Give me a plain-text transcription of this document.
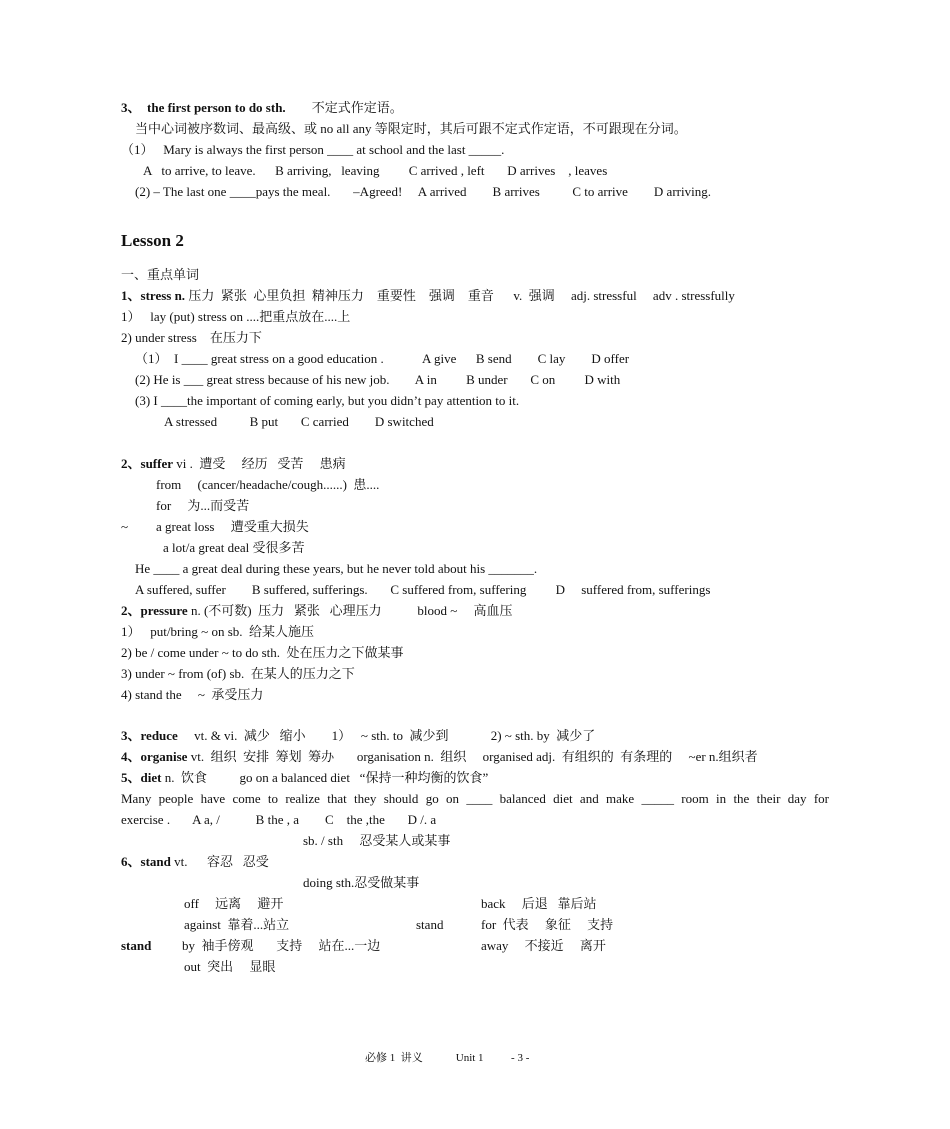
3、 the first person to do sth. 不定式作定语。
当中心词被序数词、最高级、或 no all any 等限定时，其后可跟不定式作定语，不可跟现在分词。
（1）   Mary is always the first person ____ at school and the last _____.
A   to arrive, to leave.      B arriving,   leaving         C arrived , left       D arrives    , leaves
(2) – The last one ____pays the meal.       –Agreed!     A arrived        B arrives          C to arrive        D arriving.
Lesson 2
一、重点单词
1、stress n. 压力  紧张  心里负担  精神压力    重要性    强调    重音      v.  强调     adj. stressful     adv . stressfully
1）   lay (put) stress on ....把重点放在....上
2) under stress    在压力下
（1）  I ____ great stress on a good education .            A give      B send        C lay        D offer
(2) He is ___ great stress because of his new job.        A in         B under       C on         D with
(3) I ____the important of coming early, but you didn’t pay attention to it.
A stressed          B put       C carried        D switched
2、suffer vi .  遭受     经历   受苦     患病
from     (cancer/headache/cough......)  患....
for     为...而受苦
~ a great loss     遭受重大损失
a lot/a great deal 受很多苦
He ____ a great deal during these years, but he never told about his _______.
A suffered, suffer        B suffered, sufferings.       C suffered from, suffering         D     suffered from, sufferings
2、pressure n. (不可数)  压力   紧张   心理压力           blood ~     高血压
1）   put/bring ~ on sb.  给某人施压
2) be / come under ~ to do sth.  处在压力之下做某事
3) under ~ from (of) sb.  在某人的压力之下
4) stand the     ~  承受压力
3、reduce     vt. & vi.  减少   缩小        1）   ~ sth. to  减少到             2) ~ sth. by  减少了
4、organise vt.  组织  安排  筹划  筹办       organisation n.  组织     organised adj.  有组织的  有条理的     ~er n.组织者
5、diet n.  饮食          go on a balanced diet   “保持一种均衡的饮食”
Many people have come to realize that they should go on ____ balanced diet and make _____ room in the their day for
exercise .       A a, /           B the , a        C    the ,the       D /. a
sb. / sth     忍受某人或某事
6、stand vt.      容忍   忍受
doing sth.忍受做某事
off     远离     避开	back     后退   靠后站
against  靠着...站立	stand	for  代表     象征     支持
stand by  袖手傍观       支持     站在...一边	away     不接近     离开
out  突出     显眼
必修 1  讲义            Unit 1          - 3 -
